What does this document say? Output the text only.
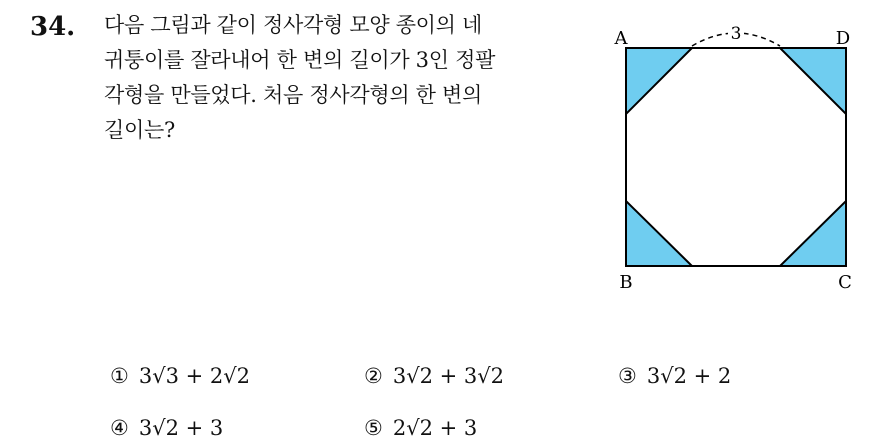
34. 다음 그림과 같이 정사각형 모양 종이의 네
귀퉁이를 잘라내어 한 변의 길이가 3인 정팔
각형을 만들었다. 처음 정사각형의 한 변의
길이는?
3
A	D
B	C
① 3√3 + 2√2	② 3√2 + 3√2	③ 3√2 + 2
④ 3√2 + 3	⑤ 2√2 + 3
